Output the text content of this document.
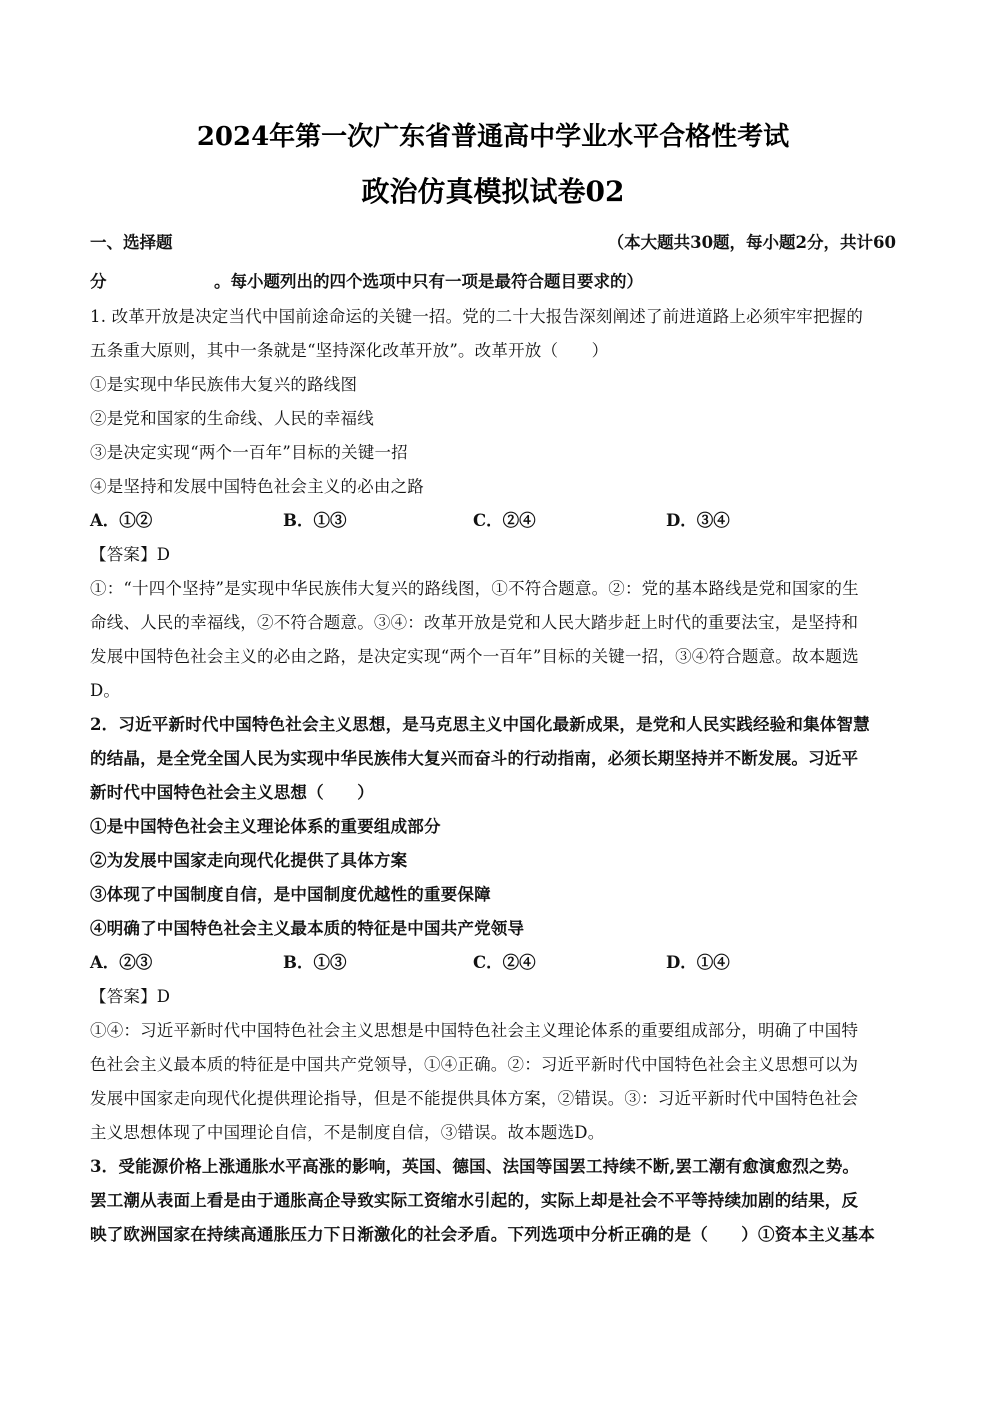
2024年第一次广东省普通高中学业水平合格性考试
政治仿真模拟试卷02
一、选择题	（本大题共30题，每小题2分，共计60
分	。每小题列出的四个选项中只有一项是最符合题目要求的）
1. 改革开放是决定当代中国前途命运的关键一招。党的二十大报告深刻阐述了前进道路上必须牢牢把握的
五条重大原则，其中一条就是“坚持深化改革开放”。改革开放（　　）
①是实现中华民族伟大复兴的路线图
②是党和国家的生命线、人民的幸福线
③是决定实现“两个一百年”目标的关键一招
④是坚持和发展中国特色社会主义的必由之路
A．①②	B．①③	C．②④	D．③④
【答案】D
①：“十四个坚持”是实现中华民族伟大复兴的路线图，①不符合题意。②：党的基本路线是党和国家的生
命线、人民的幸福线，②不符合题意。③④：改革开放是党和人民大踏步赶上时代的重要法宝，是坚持和
发展中国特色社会主义的必由之路，是决定实现“两个一百年”目标的关键一招，③④符合题意。故本题选
D。
2．习近平新时代中国特色社会主义思想，是马克思主义中国化最新成果，是党和人民实践经验和集体智慧
的结晶，是全党全国人民为实现中华民族伟大复兴而奋斗的行动指南，必须长期坚持并不断发展。习近平
新时代中国特色社会主义思想（　　）
①是中国特色社会主义理论体系的重要组成部分
②为发展中国家走向现代化提供了具体方案
③体现了中国制度自信，是中国制度优越性的重要保障
④明确了中国特色社会主义最本质的特征是中国共产党领导
A．②③	B．①③	C．②④	D．①④
【答案】D
①④：习近平新时代中国特色社会主义思想是中国特色社会主义理论体系的重要组成部分，明确了中国特
色社会主义最本质的特征是中国共产党领导，①④正确。②：习近平新时代中国特色社会主义思想可以为
发展中国家走向现代化提供理论指导，但是不能提供具体方案，②错误。③：习近平新时代中国特色社会
主义思想体现了中国理论自信，不是制度自信，③错误。故本题选D。
3．受能源价格上涨通胀水平高涨的影响，英国、德国、法国等国罢工持续不断,罢工潮有愈演愈烈之势。
罢工潮从表面上看是由于通胀高企导致实际工资缩水引起的，实际上却是社会不平等持续加剧的结果，反
映了欧洲国家在持续高通胀压力下日渐激化的社会矛盾。下列选项中分析正确的是（　　）①资本主义基本
